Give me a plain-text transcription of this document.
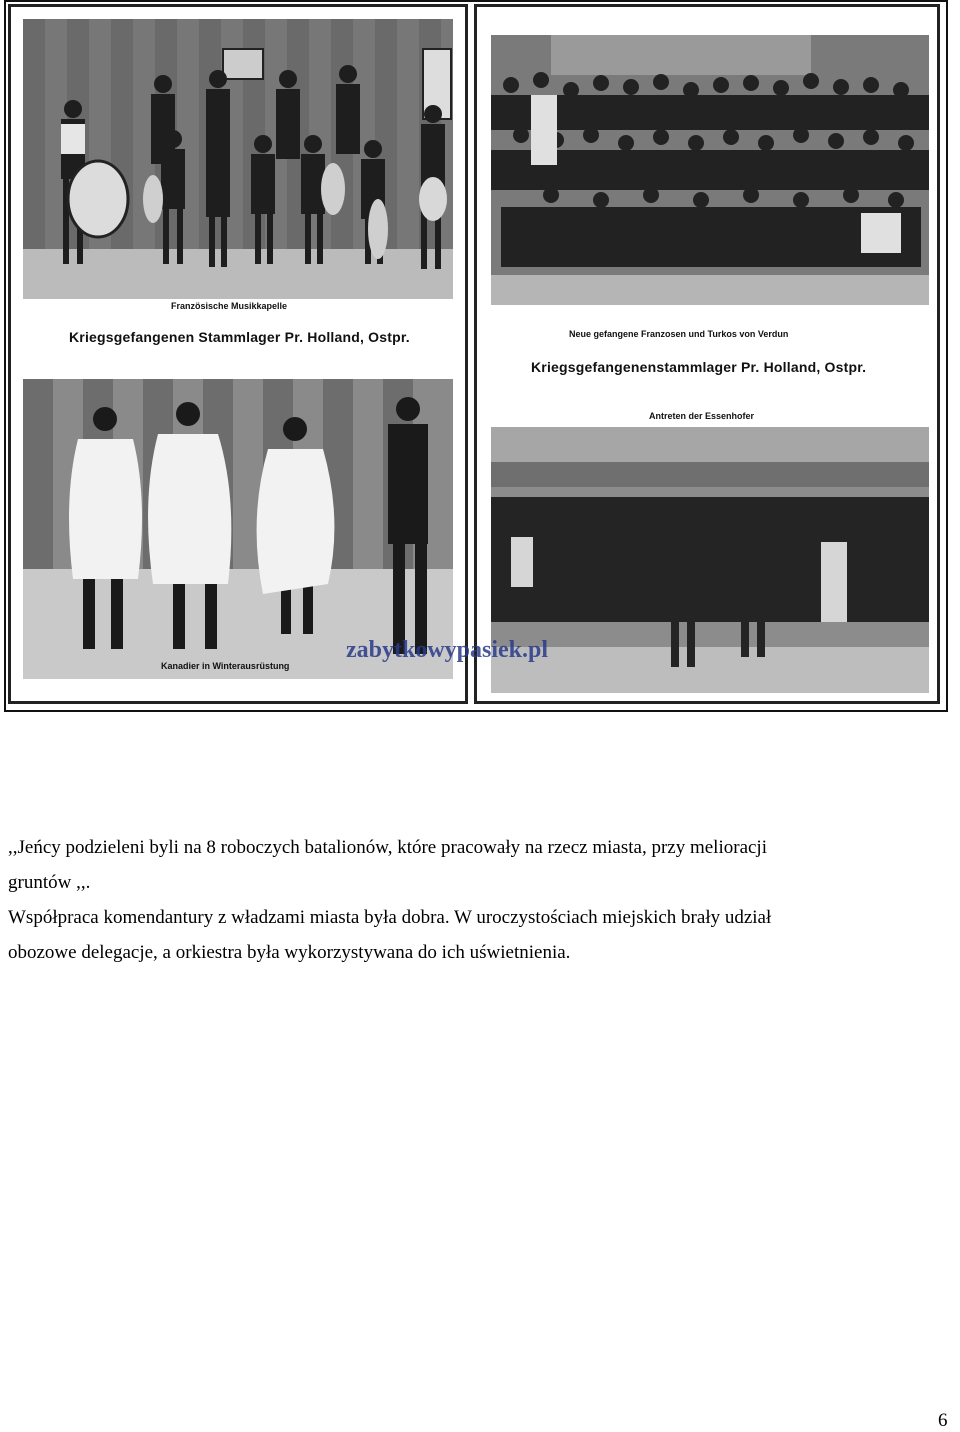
Französische Musikkapelle
Kriegsgefangenen Stammlager Pr. Holland, Ostpr.
Kanadier in Winterausrüstung
Neue gefangene Franzosen und Turkos von Verdun
Kriegsgefangenenstammlager Pr. Holland, Ostpr.
Antreten der Essenhofer
zabytkowypasiek.pl

,,Jeńcy podzieleni byli na 8 roboczych batalionów, które pracowały na rzecz miasta, przy melioracji

gruntów ,,.

Współpraca komendantury z władzami miasta była dobra. W uroczystościach miejskich brały udział

obozowe delegacje, a orkiestra była wykorzystywana do ich uświetnienia.

6
